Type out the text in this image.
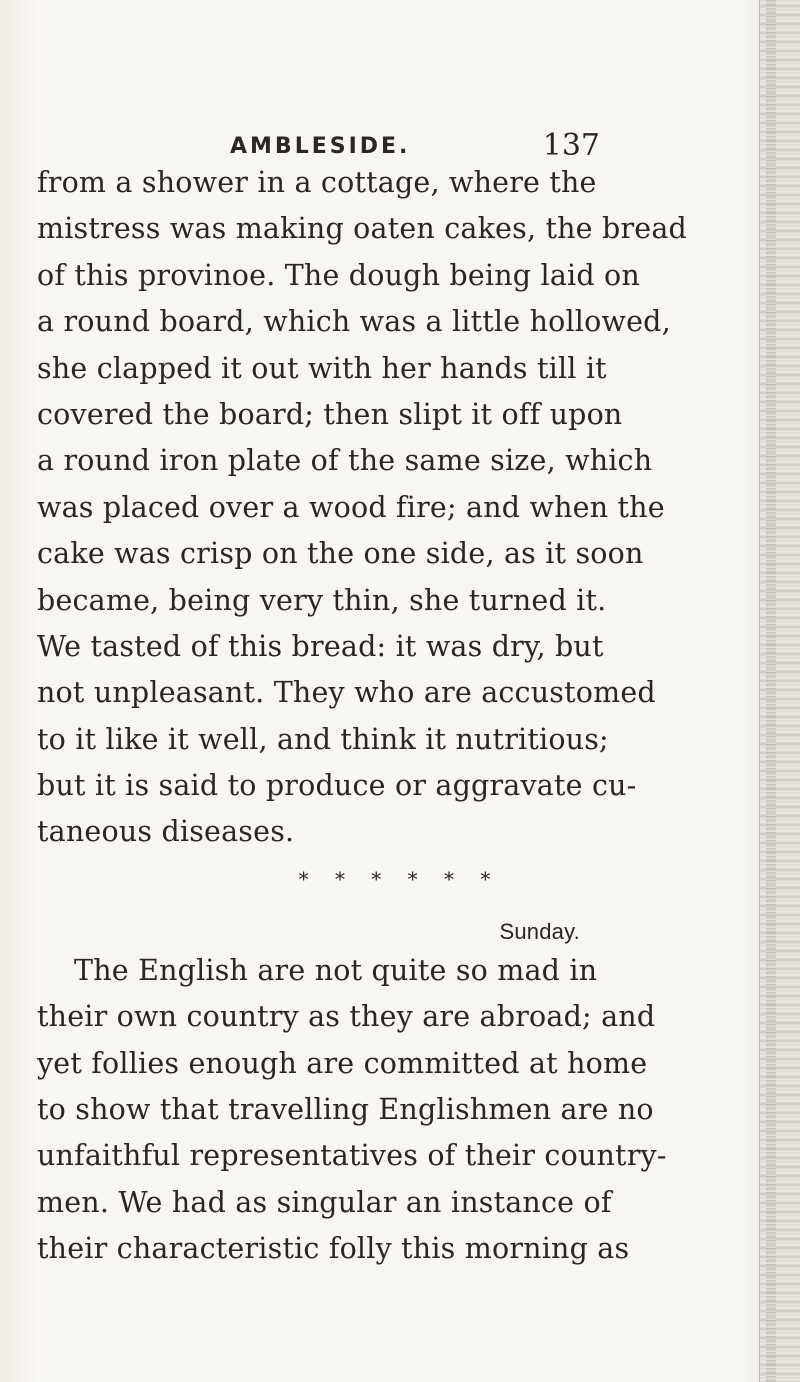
AMBLESIDE.	137
from a shower in a cottage, where the
mistress was making oaten cakes, the bread
of this provinoe. The dough being laid on
a round board, which was a little hollowed,
she clapped it out with her hands till it
covered the board; then slipt it off upon
a round iron plate of the same size, which
was placed over a wood fire; and when the
cake was crisp on the one side, as it soon
became, being very thin, she turned it.
We tasted of this bread: it was dry, but
not unpleasant. They who are accustomed
to it like it well, and think it nutritious;
but it is said to produce or aggravate cu-
taneous diseases.
* * * * * *
Sunday.
The English are not quite so mad in
their own country as they are abroad; and
yet follies enough are committed at home
to show that travelling Englishmen are no
unfaithful representatives of their country-
men. We had as singular an instance of
their characteristic folly this morning as
